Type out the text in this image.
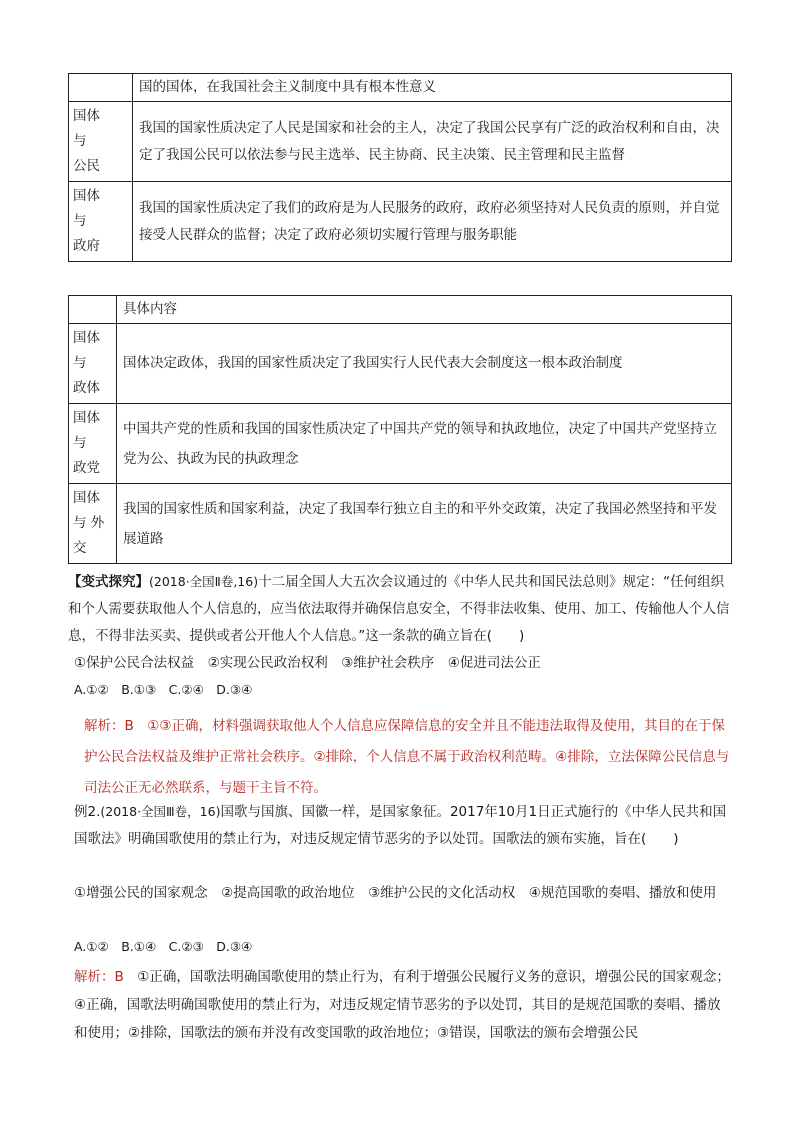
	国的国体，在我国社会主义制度中具有根本性意义
国体
与
公民	我国的国家性质决定了人民是国家和社会的主人，决定了我国公民享有广泛的政治权利和自由，决定了我国公民可以依法参与民主选举、民主协商、民主决策、民主管理和民主监督
国体
与
政府	我国的国家性质决定了我们的政府是为人民服务的政府，政府必须坚持对人民负责的原则，并自觉接受人民群众的监督；决定了政府必须切实履行管理与服务职能
	具体内容
国体
与
政体	国体决定政体，我国的国家性质决定了我国实行人民代表大会制度这一根本政治制度
国体
与
政党	中国共产党的性质和我国的国家性质决定了中国共产党的领导和执政地位，决定了中国共产党坚持立党为公、执政为民的执政理念
国体
与 外
交	我国的国家性质和国家利益，决定了我国奉行独立自主的和平外交政策，决定了我国必然坚持和平发展道路

【变式探究】(2018·全国Ⅱ卷,16)十二届全国人大五次会议通过的《中华人民共和国民法总则》规定：“任何组织和个人需要获取他人个人信息的，应当依法取得并确保信息安全，不得非法收集、使用、加工、传输他人个人信息，不得非法买卖、提供或者公开他人个人信息。”这一条款的确立旨在(　　)

①保护公民合法权益　②实现公民政治权利　③维护社会秩序　④促进司法公正

A.①②　B.①③　C.②④　D.③④

解析：B　①③正确，材料强调获取他人个人信息应保障信息的安全并且不能违法取得及使用，其目的在于保护公民合法权益及维护正常社会秩序。②排除，个人信息不属于政治权利范畴。④排除，立法保障公民信息与司法公正无必然联系，与题干主旨不符。

例2.(2018·全国Ⅲ卷，16)国歌与国旗、国徽一样，是国家象征。2017年10月1日正式施行的《中华人民共和国国歌法》明确国歌使用的禁止行为，对违反规定情节恶劣的予以处罚。国歌法的颁布实施，旨在(　　)

①增强公民的国家观念　②提高国歌的政治地位　③维护公民的文化活动权　④规范国歌的奏唱、播放和使用

A.①②　B.①④　C.②③　D.③④

解析：B　①正确，国歌法明确国歌使用的禁止行为，有利于增强公民履行义务的意识，增强公民的国家观念；④正确，国歌法明确国歌使用的禁止行为，对违反规定情节恶劣的予以处罚，其目的是规范国歌的奏唱、播放和使用；②排除，国歌法的颁布并没有改变国歌的政治地位；③错误，国歌法的颁布会增强公民
